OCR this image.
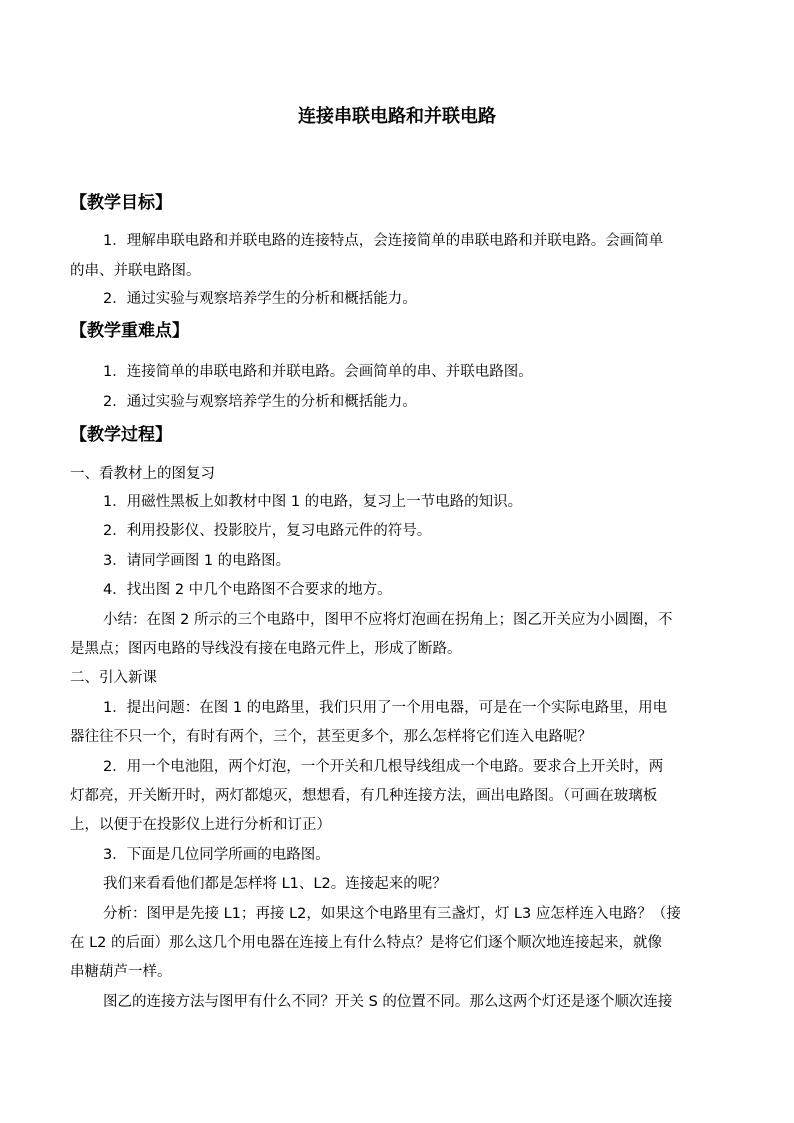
连接串联电路和并联电路
【教学目标】
1．理解串联电路和并联电路的连接特点，会连接简单的串联电路和并联电路。会画简单
的串、并联电路图。
2．通过实验与观察培养学生的分析和概括能力。
【教学重难点】
1．连接简单的串联电路和并联电路。会画简单的串、并联电路图。
2．通过实验与观察培养学生的分析和概括能力。
【教学过程】
一、看教材上的图复习
1．用磁性黑板上如教材中图 1 的电路，复习上一节电路的知识。
2．利用投影仪、投影胶片，复习电路元件的符号。
3．请同学画图 1 的电路图。
4．找出图 2 中几个电路图不合要求的地方。
小结：在图 2 所示的三个电路中，图甲不应将灯泡画在拐角上；图乙开关应为小圆圈，不
是黑点；图丙电路的导线没有接在电路元件上，形成了断路。
二、引入新课
1．提出问题：在图 1 的电路里，我们只用了一个用电器，可是在一个实际电路里，用电
器往往不只一个，有时有两个，三个，甚至更多个，那么怎样将它们连入电路呢？
2．用一个电池阻，两个灯泡，一个开关和几根导线组成一个电路。要求合上开关时，两
灯都亮，开关断开时，两灯都熄灭，想想看，有几种连接方法，画出电路图。（可画在玻璃板
上，以便于在投影仪上进行分析和订正）
3．下面是几位同学所画的电路图。
我们来看看他们都是怎样将 L1、L2。连接起来的呢？
分析：图甲是先接 L1；再接 L2，如果这个电路里有三盏灯，灯 L3 应怎样连入电路？（接
在 L2 的后面）那么这几个用电器在连接上有什么特点？是将它们逐个顺次地连接起来，就像
串糖葫芦一样。
图乙的连接方法与图甲有什么不同？开关 S 的位置不同。那么这两个灯还是逐个顺次连接
